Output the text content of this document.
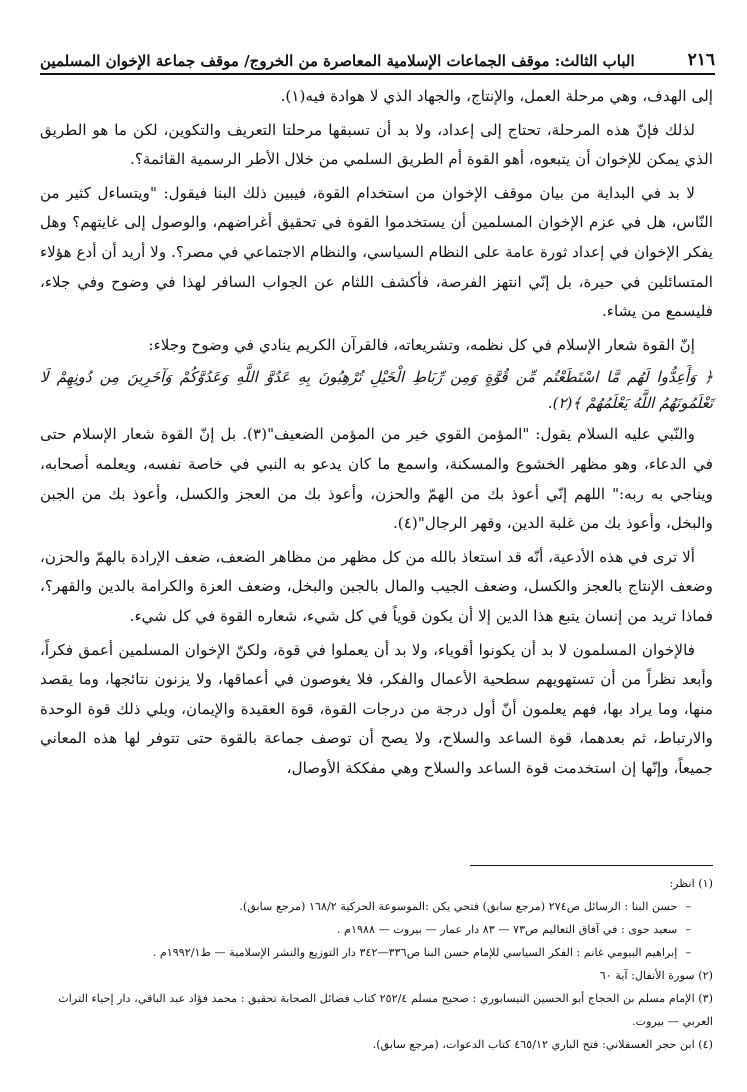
٢١٦
الباب الثالث: موقف الجماعات الإسلامية المعاصرة من الخروج/ موقف جماعة الإخوان المسلمين

إلى الهدف، وهي مرحلة العمل، والإنتاج، والجهاد الذي لا هوادة فيه(١).

لذلك فإنّ هذه المرحلة، تحتاج إلى إعداد، ولا بد أن تسبقها مرحلتا التعريف والتكوين، لكن ما هو الطريق الذي يمكن للإخوان أن يتبعوه، أهو القوة أم الطريق السلمي من خلال الأطر الرسمية القائمة؟.

لا بد في البداية من بيان موقف الإخوان من استخدام القوة، فيبين ذلك البنا فيقول: "ويتساءل كثير من النّاس، هل في عزم الإخوان المسلمين أن يستخدموا القوة في تحقيق أغراضهم، والوصول إلى غايتهم؟ وهل يفكر الإخوان في إعداد ثورة عامة على النظام السياسي، والنظام الاجتماعي في مصر؟. ولا أريد أن أدع هؤلاء المتسائلين في حيرة، بل إنّي انتهز الفرصة، فأكشف اللثام عن الجواب السافر لهذا في وضوح وفي جلاء، فليسمع من يشاء.

إنّ القوة شعار الإسلام في كل نظمه، وتشريعاته، فالقرآن الكريم ينادي في وضوح وجلاء:

﴿ وَأَعِدُّوا لَهُم مَّا اسْتَطَعْتُم مِّن قُوَّةٍ وَمِن رِّبَاطِ الْخَيْلِ تُرْهِبُونَ بِهِ عَدُوَّ اللَّهِ وَعَدُوَّكُمْ وَآخَرِينَ مِن دُونِهِمْ لَا تَعْلَمُونَهُمُ اللَّهُ يَعْلَمُهُمْ ﴾(٢).

والنّبي عليه السلام يقول: "المؤمن القوي خير من المؤمن الضعيف"(٣). بل إنّ القوة شعار الإسلام حتى في الدعاء، وهو مظهر الخشوع والمسكنة، واسمع ما كان يدعو به النبي في خاصة نفسه، ويعلمه أصحابه، ويناجي به ربه:" اللهم إنّي أعوذ بك من الهمّ والحزن، وأعوذ بك من العجز والكسل، وأعوذ بك من الجبن والبخل، وأعوذ بك من غلبة الدين، وقهر الرجال"(٤).

ألا ترى في هذه الأدعية، أنّه قد استعاذ بالله من كل مظهر من مظاهر الضعف، ضعف الإرادة بالهمّ والحزن، وضعف الإنتاج بالعجز والكسل، وضعف الجيب والمال بالجبن والبخل، وضعف العزة والكرامة بالدين والقهر؟، فماذا تريد من إنسان يتبع هذا الدين إلا أن يكون قوياً في كل شيء، شعاره القوة في كل شيء.

فالإخوان المسلمون لا بد أن يكونوا أقوياء، ولا بد أن يعملوا في قوة، ولكنّ الإخوان المسلمين أعمق فكراً، وأبعد نظراً من أن تستهويهم سطحية الأعمال والفكر، فلا يغوصون في أعماقها، ولا يزنون نتائجها، وما يقصد منها، وما يراد بها، فهم يعلمون أنّ أول درجة من درجات القوة، قوة العقيدة والإيمان، ويلي ذلك قوة الوحدة والارتباط، ثم بعدهما، قوة الساعد والسلاح، ولا يصح أن توصف جماعة بالقوة حتى تتوفر لها هذه المعاني جميعاً، وإنّها إن استخدمت قوة الساعد والسلاح وهي مفككة الأوصال،

(١) انظر:

–حسن البنا : الرسائل ص٢٧٤ (مرجع سابق) فتحي يكن :الموسوعة الحركية ١٦٨/٢ (مرجع سابق).

–سعيد حوى : في آفاق التعاليم ص٧٣ — ٨٣ دار عمار — بيروت — ١٩٨٨م .

–إبراهيم البيومي غانم : الفكر السياسي للإمام حسن البنا ص٣٣٦—٣٤٢ دار التوزيع والنشر الإسلامية — ط١٩٩٢/١م .

(٢) سورة الأنفال: آية ٦٠

(٣) الإمام مسلم بن الحجاج أبو الحسين النيسابوري : صحيح مسلم ٢٥٢/٤ كتاب فضائل الصحابة تحقيق : محمد فؤاد عبد الباقي، دار إحياء التراث العربي — بيروت.

(٤) ابن حجر العسقلاني: فتح الباري ٤٦٥/١٢ كتاب الدعوات، (مرجع سابق).
